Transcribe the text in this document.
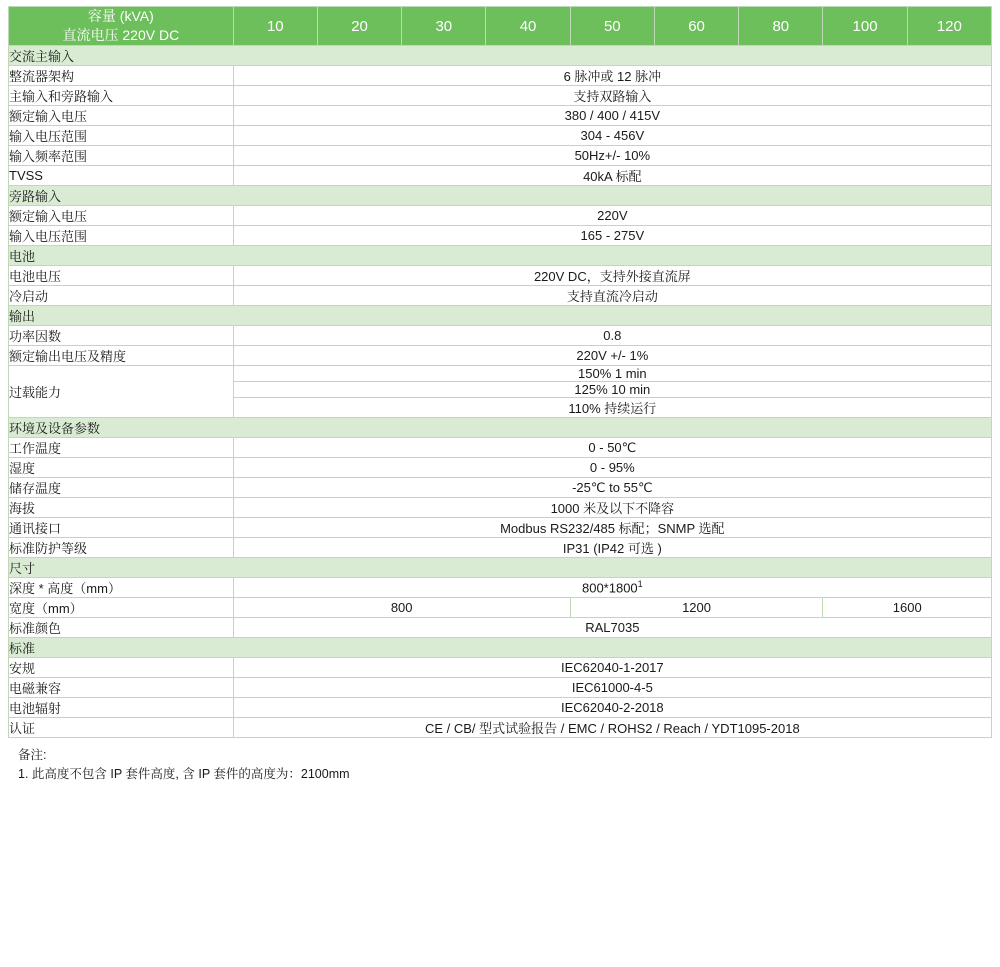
容量 (kVA)
直流电压 220V DC	10	20	30	40	50	60	80	100	120
交流主输入									
整流器架构	6 脉冲或 12 脉冲								
主输入和旁路输入	支持双路输入								
额定输入电压	380 / 400 / 415V								
输入电压范围	304 - 456V								
输入频率范围	50Hz+/- 10%								
TVSS	40kA 标配								
旁路输入									
额定输入电压	220V								
输入电压范围	165 - 275V								
电池									
电池电压	220V DC，支持外接直流屏								
冷启动	支持直流冷启动								
输出									
功率因数	0.8								
额定输出电压及精度	220V +/- 1%								
过载能力	150% 1 min								
	125% 10 min								
	110% 持续运行								
环境及设备参数									
工作温度	0 - 50℃								
湿度	0 - 95%								
储存温度	-25℃ to 55℃								
海拔	1000 米及以下不降容								
通讯接口	Modbus RS232/485 标配；SNMP 选配								
标准防护等级	IP31 (IP42 可选 )								
尺寸									
深度 * 高度（mm）	800*1800$^1$
宽度（mm）	800				1200			1600	
标准颜色	RAL7035								
标准									
安规	IEC62040-1-2017								
电磁兼容	IEC61000-4-5								
电池辐射	IEC62040-2-2018								
认证	CE / CB/ 型式试验报告 / EMC / ROHS2 / Reach / YDT1095-2018								
备注:
1. 此高度不包含 IP 套件高度, 含 IP 套件的高度为：2100mm
